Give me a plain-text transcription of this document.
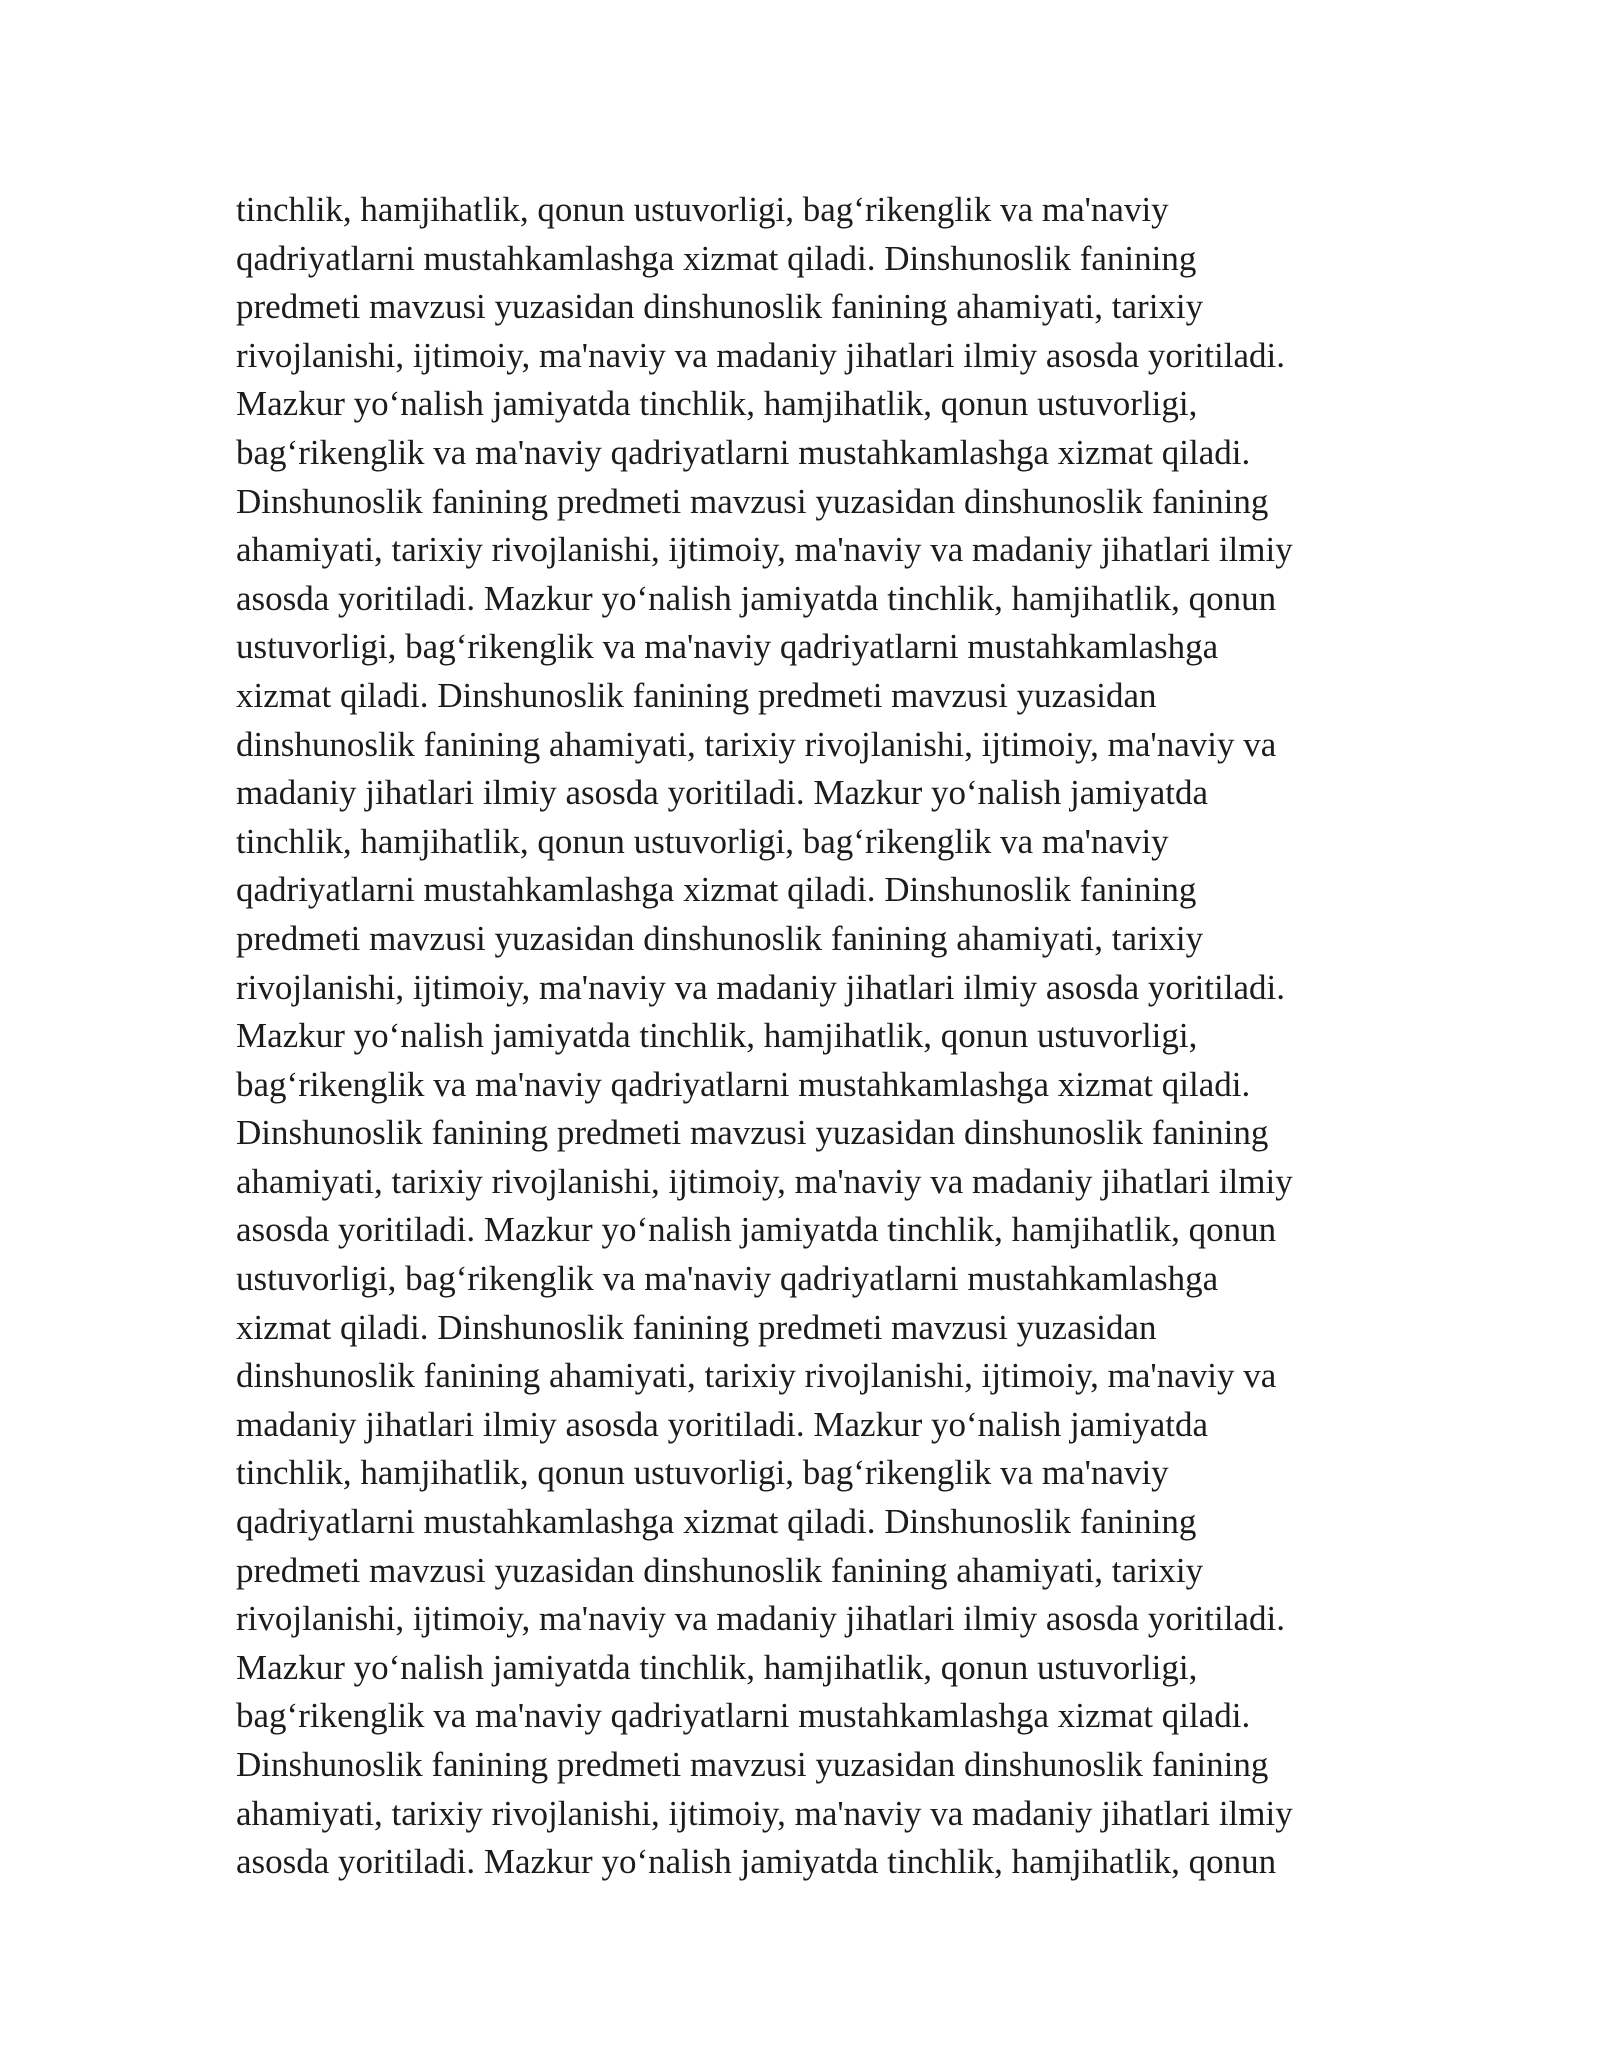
tinchlik, hamjihatlik, qonun ustuvorligi, bag‘rikenglik va ma'naviy
qadriyatlarni mustahkamlashga xizmat qiladi. Dinshunoslik fanining
predmeti mavzusi yuzasidan dinshunoslik fanining ahamiyati, tarixiy
rivojlanishi, ijtimoiy, ma'naviy va madaniy jihatlari ilmiy asosda yoritiladi.
Mazkur yo‘nalish jamiyatda tinchlik, hamjihatlik, qonun ustuvorligi,
bag‘rikenglik va ma'naviy qadriyatlarni mustahkamlashga xizmat qiladi.
Dinshunoslik fanining predmeti mavzusi yuzasidan dinshunoslik fanining
ahamiyati, tarixiy rivojlanishi, ijtimoiy, ma'naviy va madaniy jihatlari ilmiy
asosda yoritiladi. Mazkur yo‘nalish jamiyatda tinchlik, hamjihatlik, qonun
ustuvorligi, bag‘rikenglik va ma'naviy qadriyatlarni mustahkamlashga
xizmat qiladi. Dinshunoslik fanining predmeti mavzusi yuzasidan
dinshunoslik fanining ahamiyati, tarixiy rivojlanishi, ijtimoiy, ma'naviy va
madaniy jihatlari ilmiy asosda yoritiladi. Mazkur yo‘nalish jamiyatda
tinchlik, hamjihatlik, qonun ustuvorligi, bag‘rikenglik va ma'naviy
qadriyatlarni mustahkamlashga xizmat qiladi. Dinshunoslik fanining
predmeti mavzusi yuzasidan dinshunoslik fanining ahamiyati, tarixiy
rivojlanishi, ijtimoiy, ma'naviy va madaniy jihatlari ilmiy asosda yoritiladi.
Mazkur yo‘nalish jamiyatda tinchlik, hamjihatlik, qonun ustuvorligi,
bag‘rikenglik va ma'naviy qadriyatlarni mustahkamlashga xizmat qiladi.
Dinshunoslik fanining predmeti mavzusi yuzasidan dinshunoslik fanining
ahamiyati, tarixiy rivojlanishi, ijtimoiy, ma'naviy va madaniy jihatlari ilmiy
asosda yoritiladi. Mazkur yo‘nalish jamiyatda tinchlik, hamjihatlik, qonun
ustuvorligi, bag‘rikenglik va ma'naviy qadriyatlarni mustahkamlashga
xizmat qiladi. Dinshunoslik fanining predmeti mavzusi yuzasidan
dinshunoslik fanining ahamiyati, tarixiy rivojlanishi, ijtimoiy, ma'naviy va
madaniy jihatlari ilmiy asosda yoritiladi. Mazkur yo‘nalish jamiyatda
tinchlik, hamjihatlik, qonun ustuvorligi, bag‘rikenglik va ma'naviy
qadriyatlarni mustahkamlashga xizmat qiladi. Dinshunoslik fanining
predmeti mavzusi yuzasidan dinshunoslik fanining ahamiyati, tarixiy
rivojlanishi, ijtimoiy, ma'naviy va madaniy jihatlari ilmiy asosda yoritiladi.
Mazkur yo‘nalish jamiyatda tinchlik, hamjihatlik, qonun ustuvorligi,
bag‘rikenglik va ma'naviy qadriyatlarni mustahkamlashga xizmat qiladi.
Dinshunoslik fanining predmeti mavzusi yuzasidan dinshunoslik fanining
ahamiyati, tarixiy rivojlanishi, ijtimoiy, ma'naviy va madaniy jihatlari ilmiy
asosda yoritiladi. Mazkur yo‘nalish jamiyatda tinchlik, hamjihatlik, qonun
